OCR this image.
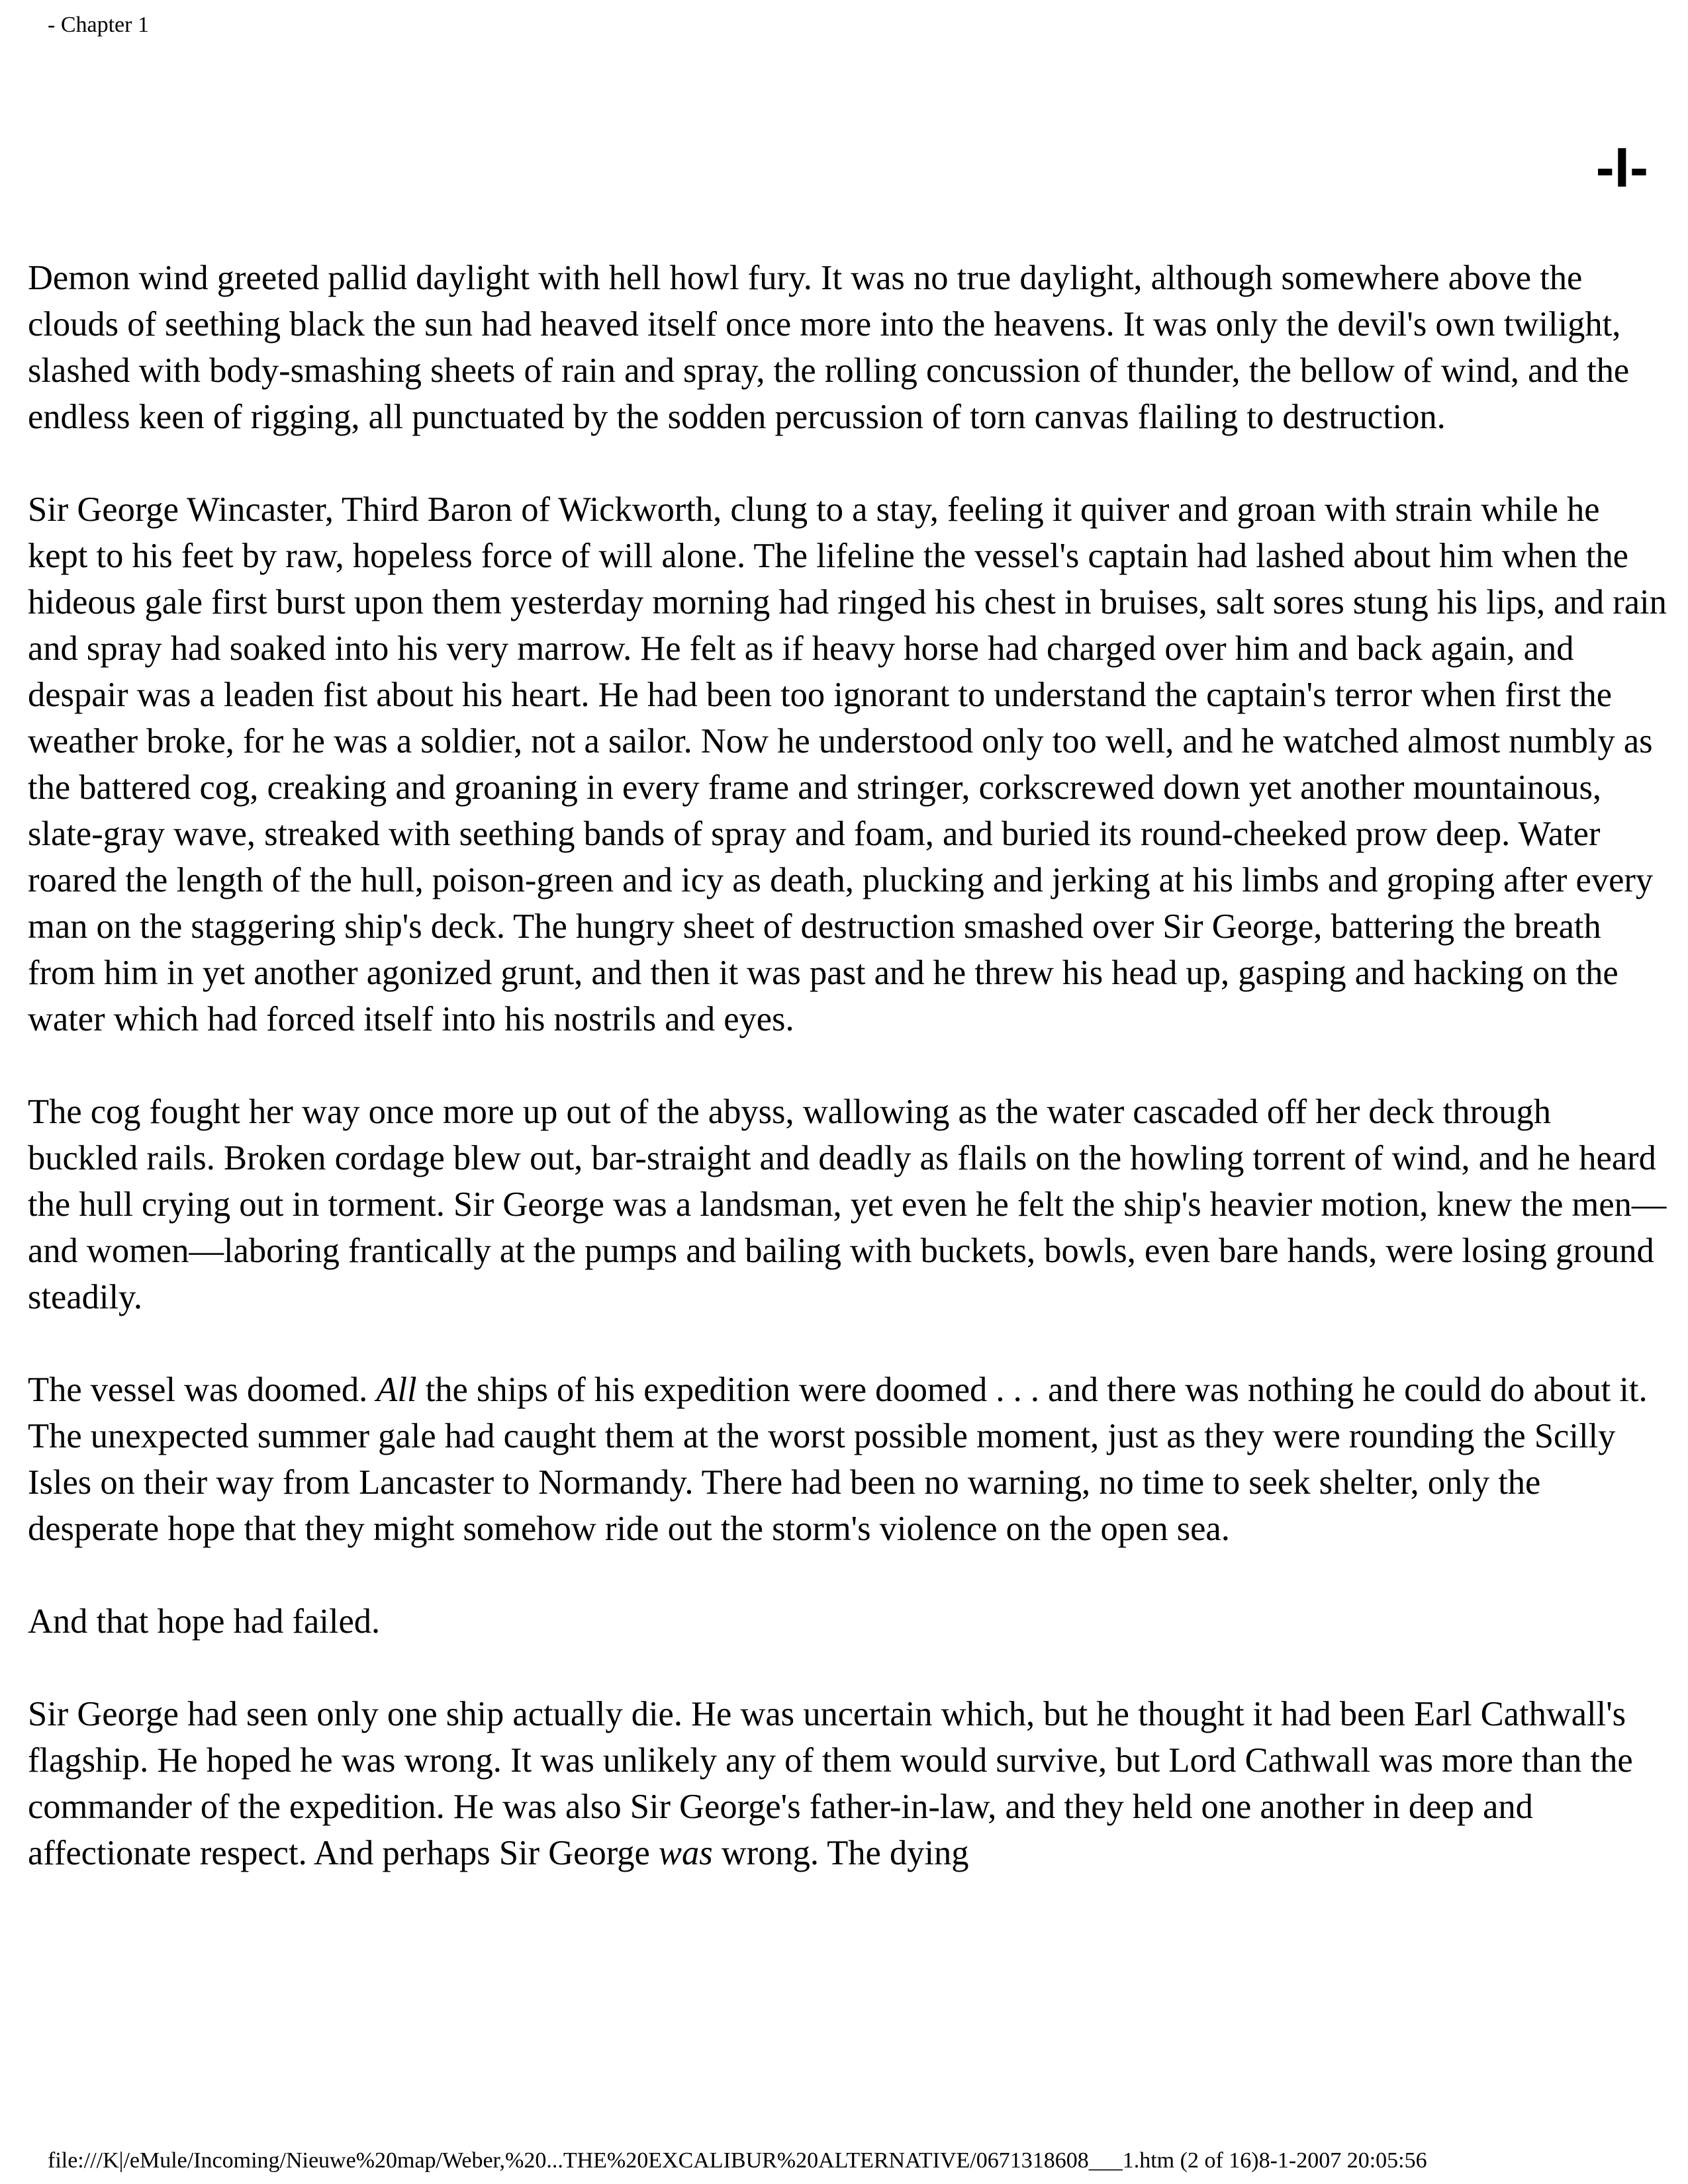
- Chapter 1
-I-

Demon wind greeted pallid daylight with hell howl fury. It was no true daylight, although somewhere above the clouds of seething black the sun had heaved itself once more into the heavens. It was only the devil's own twilight, slashed with body-smashing sheets of rain and spray, the rolling concussion of thunder, the bellow of wind, and the endless keen of rigging, all punctuated by the sodden percussion of torn canvas flailing to destruction.

Sir George Wincaster, Third Baron of Wickworth, clung to a stay, feeling it quiver and groan with strain while he kept to his feet by raw, hopeless force of will alone. The lifeline the vessel's captain had lashed about him when the hideous gale first burst upon them yesterday morning had ringed his chest in bruises, salt sores stung his lips, and rain and spray had soaked into his very marrow. He felt as if heavy horse had charged over him and back again, and despair was a leaden fist about his heart. He had been too ignorant to understand the captain's terror when first the weather broke, for he was a soldier, not a sailor. Now he understood only too well, and he watched almost numbly as the battered cog, creaking and groaning in every frame and stringer, corkscrewed down yet another mountainous, slate-gray wave, streaked with seething bands of spray and foam, and buried its round-cheeked prow deep. Water roared the length of the hull, poison-green and icy as death, plucking and jerking at his limbs and groping after every man on the staggering ship's deck. The hungry sheet of destruction smashed over Sir George, battering the breath from him in yet another agonized grunt, and then it was past and he threw his head up, gasping and hacking on the water which had forced itself into his nostrils and eyes.

The cog fought her way once more up out of the abyss, wallowing as the water cascaded off her deck through buckled rails. Broken cordage blew out, bar-straight and deadly as flails on the howling torrent of wind, and he heard the hull crying out in torment. Sir George was a landsman, yet even he felt the ship's heavier motion, knew the men—and women—laboring frantically at the pumps and bailing with buckets, bowls, even bare hands, were losing ground steadily.

The vessel was doomed. All the ships of his expedition were doomed . . . and there was nothing he could do about it. The unexpected summer gale had caught them at the worst possible moment, just as they were rounding the Scilly Isles on their way from Lancaster to Normandy. There had been no warning, no time to seek shelter, only the desperate hope that they might somehow ride out the storm's violence on the open sea.

And that hope had failed.

Sir George had seen only one ship actually die. He was uncertain which, but he thought it had been Earl Cathwall's flagship. He hoped he was wrong. It was unlikely any of them would survive, but Lord Cathwall was more than the commander of the expedition. He was also Sir George's father-in-law, and they held one another in deep and affectionate respect. And perhaps Sir George was wrong. The dying

file:///K|/eMule/Incoming/Nieuwe%20map/Weber,%20...THE%20EXCALIBUR%20ALTERNATIVE/0671318608___1.htm (2 of 16)8-1-2007 20:05:56
